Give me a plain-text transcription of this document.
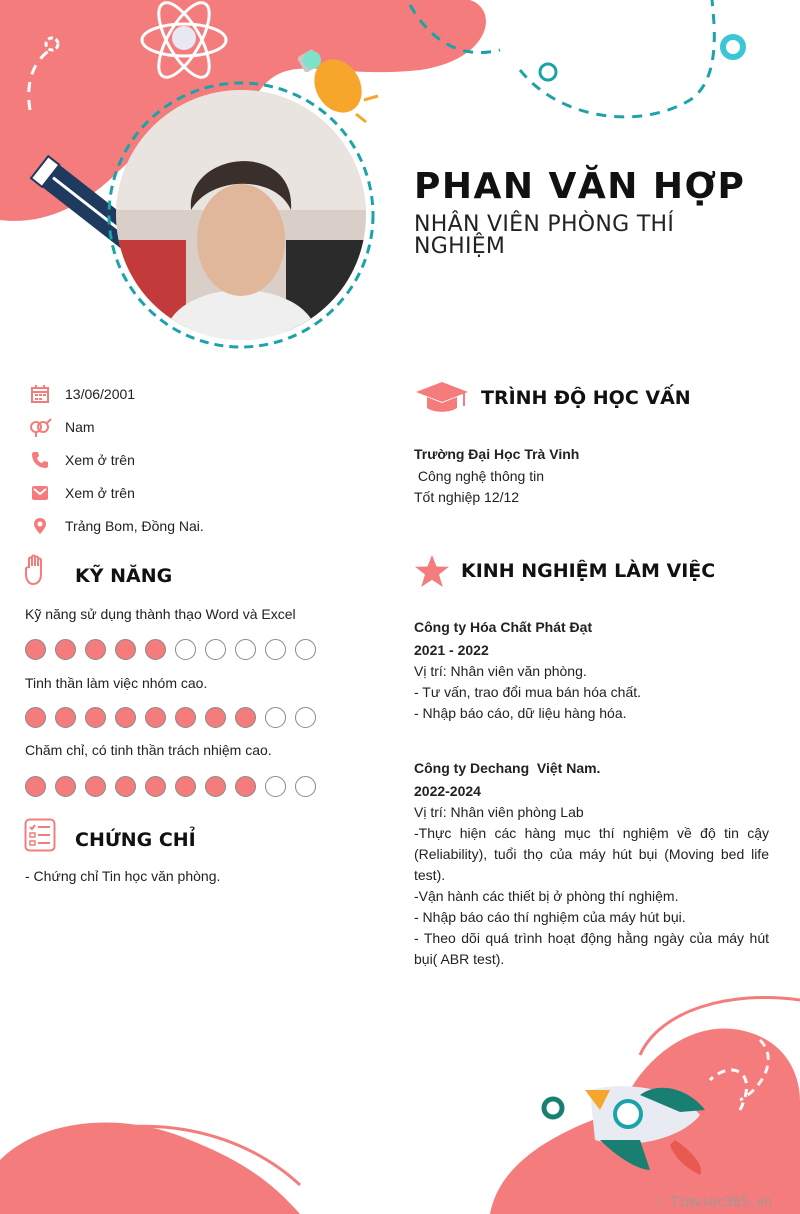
PHAN VĂN HỢP
NHÂN VIÊN PHÒNG THÍ NGHIỆM
13/06/2001
Nam
Xem ở trên
Xem ở trên
Trảng Bom, Đồng Nai.
KỸ NĂNG
Kỹ năng sử dụng thành thạo Word và Excel
Tinh thần làm việc nhóm cao.
Chăm chỉ, có tinh thần trách nhiệm cao.
CHỨNG CHỈ
- Chứng chỉ Tin học văn phòng.
TRÌNH ĐỘ HỌC VẤN
Trường Đại Học Trà Vinh
Công nghệ thông tin
Tốt nghiệp 12/12
KINH NGHIỆM LÀM VIỆC
Công ty Hóa Chất Phát Đạt
2021 - 2022
Vị trí: Nhân viên văn phòng.
- Tư vấn, trao đổi mua bán hóa chất.
- Nhập báo cáo, dữ liệu hàng hóa.
Công ty Dechang  Việt Nam.
2022-2024
Vị trí: Nhân viên phòng Lab
-Thực hiện các hàng mục thí nghiệm về độ tin cậy (Reliability), tuổi thọ của máy hút bụi (Moving bed life test).
-Vận hành các thiết bị ở phòng thí nghiệm.
- Nhập báo cáo thí nghiệm của máy hút bụi.
- Theo dõi quá trình hoạt động hằng ngày của máy hút bụi( ABR test).
∴ Timviec365.vn
